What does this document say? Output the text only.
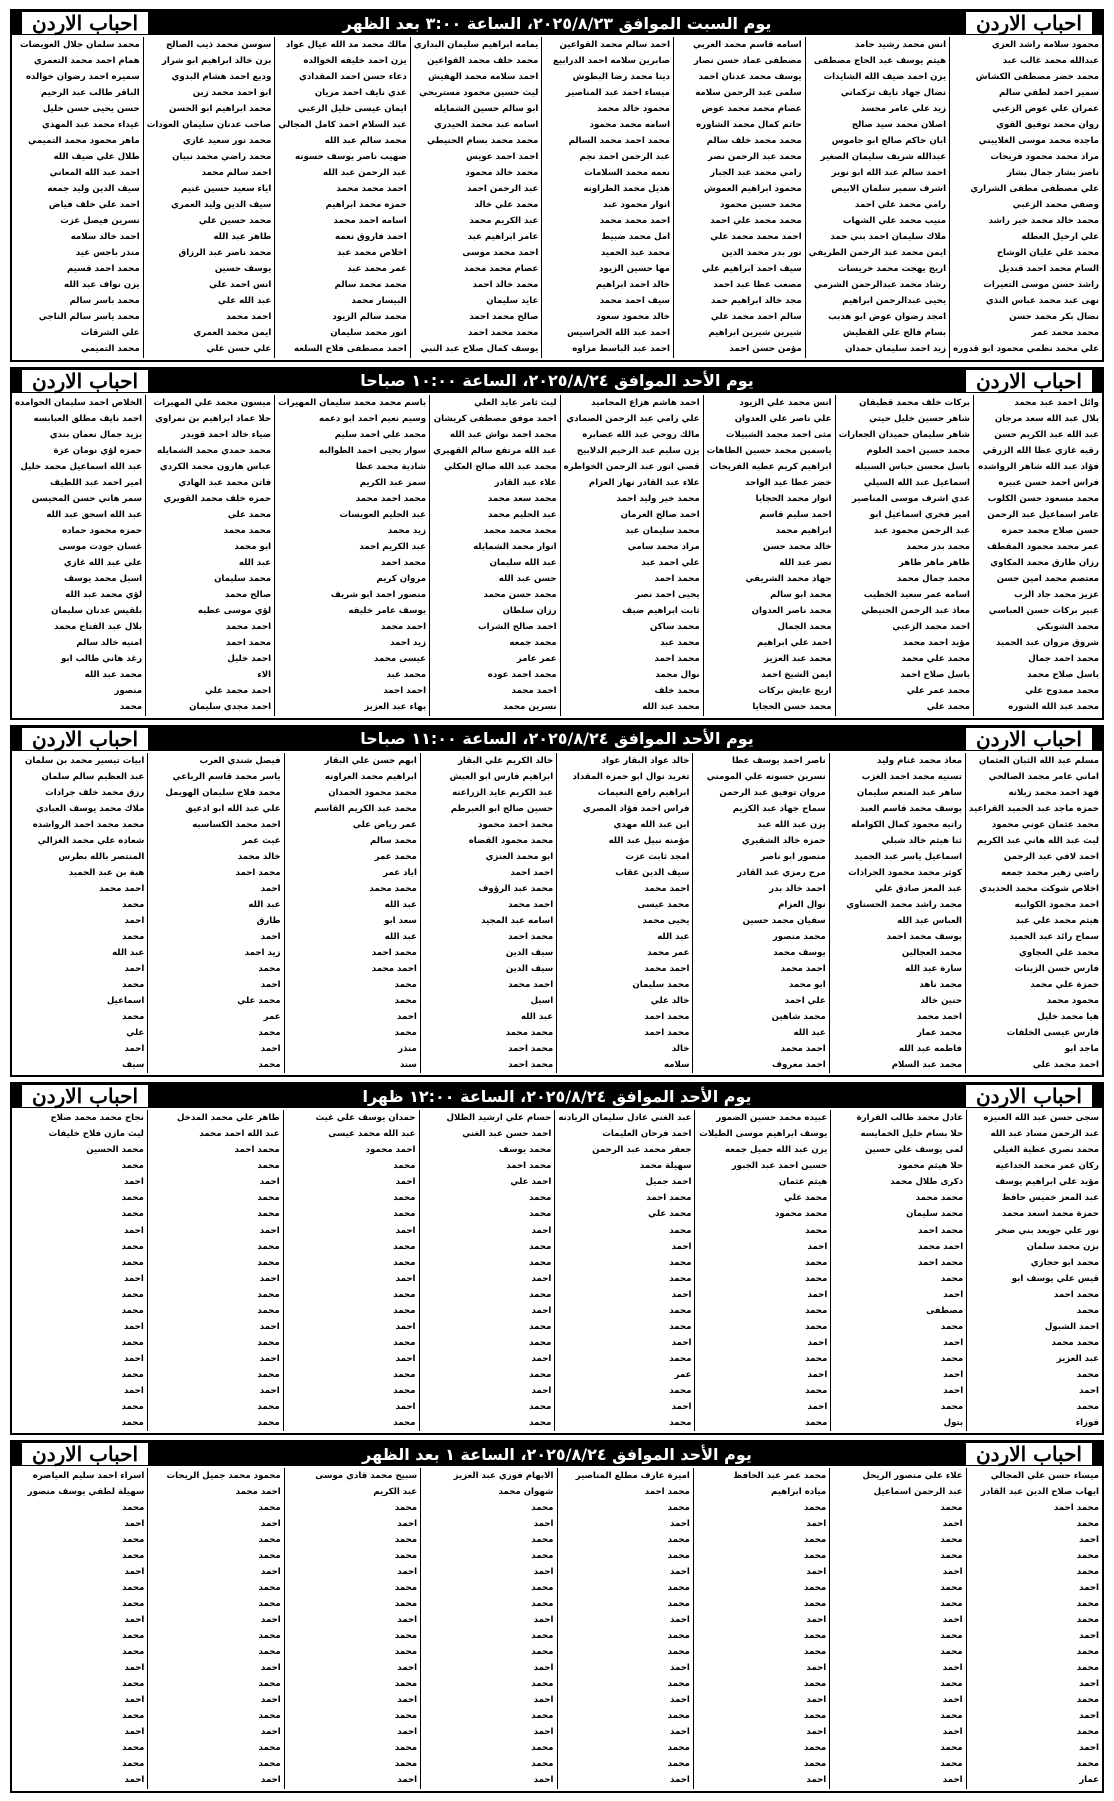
احباب الاردن
يوم السبت الموافق ٢٠٢٥/٨/٢٣، الساعة ٣:٠٠ بعد الظهر
احباب الاردن
محمود سلامه راشد العزي
عبدالله محمد غالب عبد
محمد خضر مصطفى الكشاش
سمير احمد لطفي سالم
عمران علي عوض الزعبي
روان محمد توفيق القوي
ماجده محمد موسى الغلاييني
مراد محمد محمود فريحات
ناصر بشار جمال بشار
علي مصطفى مطفى الشراري
وصفي محمد الزعبي
محمد خالد محمد خير راشد
علي ارحيل العطله
محمد علي عليان الوشاح
السام محمد احمد قنديل
راشد حسن موسى التعيرات
نهى عبد محمد عباس النذي
نضال بكر محمد حسن
محمد محمد عمر
علي محمد نظمي محمود ابو قدوره
انس محمد رشيد حامد
هيثم يوسف عبد الحاج مصطفى
يزن احمد ضيف الله الشايدات
نضال جهاد نايف تركماني
زيد علي عامر محسد
اصلان محمد سيد صالح
ابان حاكم صالح ابو جاموس
عبدالله شريف سليمان الصغير
احمد سالم عبد الله ابو نوير
اشرف سمير سلمان الابيض
رامي محمد علي احمد
منيب محمد علي الشهاب
ملاك سليمان احمد بني حمد
ايمن محمد عبد الرحمن الطريفي
اريج يهجت محمد خريسات
رشاد محمد عبدالرحمن الشرمي
يحيى عبدالرحمن ابراهيم
امجد رضوان عوض ابو هدبب
بسام فالح علي القطيش
زيد احمد سليمان حمدان
اسامه قاسم محمد العربي
مصطفى عماد حسن نصار
يوسف محمد عدنان احمد
سلمى عبد الرحمن سلامه
عصام محمد محمد عوض
حاتم كمال محمد الشاوره
محمد محمد خلف سالم
محمد عبد الرحمن نصر
رامي محمد عبد الجبار
محمود ابراهيم العموش
محمد حسين محمود
محمد محمد علي احمد
احمد محمد محمد علي
نور بدر محمد الدين
سيف احمد ابراهيم علي
مصعب عطا عبد احمد
مجد خالد ابراهيم حمد
سالم احمد محمد علي
شيرين شيرين ابراهيم
مؤمن حسن احمد
احمد سالم محمد القواعين
صابرين سلامه احمد الدرابيع
دينا محمد رضا البطوش
ميساء احمد عبد المناصير
محمود خالد محمد
اسامه محمد محمود
محمد احمد محمد السالم
عبد الرحمن احمد نجم
نعمه محمد السلامات
هديل محمد الطراونه
انوار محمود عبد
احمد محمد محمد
امل محمد ضبيط
محمد عبد الحميد
مها حسين الزيود
خالد احمد ابراهيم
سيف احمد محمد
خالد محمود سعود
احمد عبد الله الحراسيس
احمد عبد الباسط مزاوه
يمامه ابراهيم سليمان البداري
محمد خلف محمد القواعين
احمد سلامه محمد الهفيش
ليث حسين محمود مستريحي
ابو سالم حسين الشمايله
اسامه عبد محمد الحيدري
محمد محمد بسام الحنيطي
احمد احمد عويس
محمد خالد محمود
عبد الرحمن احمد
محمد علي خالد
عبد الكريم محمد
عامر ابراهيم عبد
احمد محمد موسى
عصام محمد محمد
محمد خالد احمد
عايد سليمان
صالح محمد احمد
محمد محمد احمد
يوسف كمال صلاح عبد النبي
مالك محمد مد الله عيال عواد
يزن احمد خليفه الخوالده
دعاء حسن احمد المقدادي
عدي نايف احمد مريان
ايمان عيسى خليل الزعبي
عبد السلام احمد كامل المجالي
محمد سالم عبد الله
صهيب ناصر يوسف حسونه
عبد الرحمن عبد الله
احمد محمد محمد
حمزه محمد ابراهيم
اسامه احمد محمد
احمد فاروق نعمه
اخلاص محمد عبد
عمر محمد عبد
محمد محمد سالم
البيسار محمد
محمد سالم الزيود
انور محمد سليمان
احمد مصطفى فلاح السلعه
سوسن محمد ذيب الصالح
بزن خالد ابراهيم ابو شرار
وديع احمد هشام البدوي
ابو احمد محمد زين
محمد ابراهيم ابو الحسن
صاحب عدنان سليمان العودات
محمد نور سعيد غازي
محمد راضي محمد نبيان
احمد سالم محمد
اياء سعيد حسين غنيم
سيف الدين وليد العمري
محمد حسين علي
طاهر عبد الله
محمد ناصر عبد الرزاق
يوسف حسين
انس احمد علي
عبد الله علي
احمد محمد
ايمن محمد العمري
علي حسن علي
محمد سلمان جلال العويضات
همام احمد محمد التعمري
سميره احمد رضوان خوالده
الباقر طالب عبد الرحيم
حسن يحيى حسن خليل
غيداء محمد عبد المهدي
ماهر محمود محمد التميمي
طلال علي ضيف الله
احمد عبد الله المعاني
سيف الدين وليد جمعه
احمد علي خلف فياض
نسرين فيصل عزت
احمد خالد سلامه
منذر باجس عيد
محمد احمد قسيم
يزن نواف عبد الله
محمد باسر سالم
محمد ياسر سالم الناجي
علي الشرقات
محمد التميمي
احباب الاردن
يوم الأحد الموافق ٢٠٢٥/٨/٢٤، الساعة ١٠:٠٠ صباحا
احباب الاردن
وائل احمد عبد محمد
بلال عبد الله سعد مرجان
عبد الله عبد الكريم حسن
رقيه غازي عطا الله الزرقي
فؤاد عبد الله شاهر الرواشده
فراس احمد حسن عبيره
محمد مسعود حسن الكلوب
عامر اسماعيل عبد الرحمن
حسن صلاح محمد حمزه
عمر محمد محمود المقطف
رزان طارق محمد المكاوي
معتصم محمد امين حسن
عزيز محمد جاد الرب
عبير بركات حسن العباسي
محمد الشوبكي
شروق مروان عبد الحميد
محمد احمد جمال
باسل صلاح محمد
محمد ممدوح علي
محمد عبد الله الشوره
بركات خلف محمد قطيفان
شاهر حسين خليل حيتي
شاهر سليمان حميدان الجعارات
محمد حسين احمد العلوم
باسل محسن حباس السبيله
اسماعيل عبد الله السيلي
عدي اشرف موسى المناصير
امير فخري اسماعيل ابو
عبد الرحمن محمود عبد
محمد بدر محمد
طاهر ماهر طاهر
محمد جمال محمد
اسامه عمر سعيد الخطيب
معاذ عبد الرحمن الحنيطي
احمد محمد الزعبي
مؤيد احمد محمد
محمد علي محمد
باسل صلاح احمد
محمد عمر علي
محمد علي
انس محمد علي الزيود
علي ناصر علي العدوان
مثى احمد محمد الشبيلات
ياسمين محمد حسين الطاهات
ابراهيم كريم عطيه الفريحات
خضر عطا عيد الواحد
انوار محمد الحجايا
احمد سليم قاسم
ابراهيم محمد
خالد محمد حسن
نصر عبد الله
جهاد محمد الشريفي
محمد ابو سالم
محمد ناصر العدوان
محمد الجمال
احمد علي ابراهيم
محمد عبد العزيز
ايمن الشيخ احمد
اريج عايش بركات
محمد حسن الحجايا
احمد هاشم هزاع المحاميد
علي رامي عبد الرحمن الصمادي
مالك روحي عبد الله عصابره
يزن سليم عبد الرحيم الدلابيح
قصي انور عبد الرحمن الخواطره
علاء عبد القادر نهار العزام
محمد خير وليد احمد
احمد صالح العرمان
محمد سليمان عبد
مراد محمد سامي
علي احمد عبد
محمد احمد
يحيى احمد نصر
ثابت ابراهيم ضيف
محمد ساكن
محمد عبد
محمد احمد
نوال محمد
محمد خلف
محمد عبد الله
ليث ثامر عايد العلي
احمد موفق مصطفى كريشان
محمد احمد نواش عبد الله
عبد الله مرتفع سالم القهيري
محمد عبد الله صالح العكلي
علاء عبد القادر
محمد سعد محمد
عبد الحليم محمد
محمد محمد محمد
انوار محمد الشمايله
عبد الله سليمان
حسن عبد الله
محمد حسن محمد
رزان سلطان
احمد صالح الشراب
محمد جمعه
عمر عامر
محمد احمد عوده
احمد محمد
نسرين محمد
باسم محمد محمد سليمان المهيرات
وسيم نعيم احمد ابو دعمه
محمد علي احمد سليم
سوار يحيى احمد الطوالبه
شادية محمد عطا
سمر عبد الكريم
محمد احمد محمد
عبد الحليم العويسات
زيد محمد
عبد الكريم احمد
محمد احمد
مروان كريم
منصور احمد ابو شريف
يوسف عامر خليفه
احمد محمد
زيد احمد
عيسى محمد
محمد عبد
احمد احمد
بهاء عبد العزيز
ميسون محمد علي المهيرات
حلا عماد ابراهيم بن نمراوي
ضياء خالد احمد قويدر
محمد حمدي محمد الشمايله
عباس هارون محمد الكردي
فاتن محمد عبد الهادي
حمزه خلف محمد القويري
محمد علي
محمد محمد
ابو محمد
عبد الله
محمد سليمان
صالح محمد
لؤي موسى عطيه
احمد محمد
محمد احمد
احمد خليل
الاء
احمد محمد علي
احمد مجدي سليمان
الخلاص احمد سليمان الحوامده
احمد نايف مطلق العبابسه
يزيد جمال نعمان بندي
حمزه لؤي نومان عزة
عبد الله اسماعيل محمد خليل
امير احمد عبد اللطيف
سمر هاني حسن المحيسن
عبد الله اسحق عبد الله
حمزه محمود حماده
غسان جودت موسى
علي عبد الله غازي
اسيل محمد يوسف
لؤي محمد عبد الله
بلقيس عدنان سليمان
بلال عبد الفتاح محمد
امنيه خالد سالم
رغد هاني طالب ابو
محمد عبد الله
منصور
محمد
احباب الاردن
يوم الأحد الموافق ٢٠٢٥/٨/٢٤، الساعة ١١:٠٠ صباحا
احباب الاردن
مسلم عبد الله الثبان العثمان
اماني عامر محمد الصالحي
فهد احمد محمد زبلانه
حمزه ماجد عبد الحميد القراعيد
محمد عثمان عوني محمود
ليث عبد الله هاني عبد الكريم
احمد لافي عبد الرحمن
راضي زهير محمد جمعه
اخلاص شوكت محمد الحديدي
احمد محمود الكوابيه
هيثم محمد علي عبد
سماح رائد عبد الحميد
محمد علي العجاوي
فارس حسن الزينات
حمزة علي محمد
محمود محمد
هيا محمد خليل
فارس عيسى الخلفات
ماجد ابو
احمد محمد علي
معاذ محمد غنام وليد
تسنيه محمد احمد الغزب
ساهر عبد المنعم سليمان
يوسف محمد قاسم العبد
راتيه محمود كمال الكوامله
ثنا هيثم خالد شبلي
اسماعيل ياسر عبد الحميد
كوثر محمد محمود الجرادات
عبد المعز صادق علي
محمد راشد محمد الحسناوي
العباس عبد الله
يوسف محمد احمد
محمد العجالين
سارة عبد الله
محمد ناهد
حنين خالد
احمد محمد
محمد عمار
فاطمه عبد الله
محمد عبد السلام
ناصر احمد يوسف عطا
نسرين حسونه علي المومني
مروان توفيق عبد الرحمن
سماح جهاد عبد الكريم
يزن عبد الله عبد
حمزه خالد الشقيري
منصور ابو ناصر
مرح رمزي عبد القادر
احمد خالد بدر
نوال العزام
سفيان محمد حسين
محمد منصور
يوسف محمد
احمد محمد
ابو محمد
علي احمد
محمد شاهين
عبد الله
احمد محمد
احمد معروف
خالد عواد البقار عواد
تغريد نوال ابو حمزه المقداد
ابراهيم رافع النعيمات
فراس احمد فؤاد المصري
ابن عبد الله مهدي
مؤمنه نبيل عبد الله
امجد ثابت عزت
سيف الدين عقاب
احمد محمد
محمد عيسى
يحيى محمد
عبد الله
عمر محمد
احمد محمد
محمد سليمان
خالد علي
محمد احمد
محمد احمد
خالد
سلامه
خالد الكريم علي البقار
ابراهيم فارس ابو العيش
عبد الكريم عايد الزراعنه
حسين صالح ابو العبرطم
محمد احمد محمود
محمد محمود القضاه
ابو محمد العنزي
احمد احمد
محمد عبد الرؤوف
احمد محمد
اسامه عبد المجيد
محمد احمد
سيف الدين
سيف الدين
احمد محمد
اسيل
عبد الله
محمد محمد
محمد احمد
محمد احمد
ابهم حسن علي البقار
ابراهيم محمد العراونه
محمد محمود الحمدان
محمد عبد الكريم القاسم
عمر رياض علي
محمد سالم
محمد عمر
اياد عمر
محمد محمد
عبد الله
سعد ابو
عبد الله
محمد احمد
احمد محمد
محمد
محمد
احمد
محمد
منذر
سند
فيصل شندي العرب
ياسر محمد قاسم الرباعي
محمد فلاح سليمان الهويمل
علي عبد الله ابو ادعيق
احمد محمد الكساسبه
غيث عمر
خالد محمد
محمد احمد
احمد
عبد الله
طارق
احمد
زيد احمد
محمد
احمد
محمد علي
عمر
محمد
احمد
محمد
ابيات تيسير محمد بن سلمان
عبد العظيم سالم سلمان
رزق محمد خلف جرادات
ملاك محمد يوسف العبادي
محمد محمد احمد الرواشده
شعاده علي محمد الغزالي
المنتصر بالله بطرس
هبة بن عبد الحميد
احمد محمد
محمد
احمد
محمد
عبد الله
احمد
محمد
اسماعيل
محمد
علي
احمد
سيف
احباب الاردن
يوم الأحد الموافق ٢٠٢٥/٨/٢٤، الساعة ١٢:٠٠ ظهرا
احباب الاردن
سجى حسن عبد الله العنيزه
عبد الرحمن مساد عبد الله
محمد نصري عطية الغيلي
ركان عمر محمد الجداعيه
مؤيد علي ابراهيم يوسف
عبد المعز خميس حافظ
حمزة محمد اسعد محمد
نور علي جويعد بني صخر
بزن محمد سلمان
محمد ابو حجازي
قيس علي يوسف ابو
محمد احمد
محمد
احمد الشبول
محمد محمد
عبد العزيز
محمد
احمد
محمد
فوزاء
عادل محمد طالب الفرارة
حلا بسام خليل الخمايسه
لمى يوسف علي حسين
حلا هيثم محمود
ذكرى طلال محمد
محمد محمد
محمد سليمان
محمد احمد
احمد محمد
محمد احمد
محمد
احمد
مصطفى
محمد
احمد
محمد
احمد
احمد
محمد
بتول
عبيده محمد حسين الضمور
يوسف ابراهيم موسى الطيلات
يزن عبد الله جميل جمعه
حسين احمد عبد الجبور
هيثم عثمان
محمد علي
محمد محمود
محمد
احمد
محمد
محمد
احمد
محمد
محمد
احمد
محمد
احمد
محمد
احمد
محمد
عبد الغني عادل سليمان الزيادنه
احمد فرحان العليمات
جعفر محمد عبد الرحمن
سهيلة محمد
احمد جميل
محمد احمد
محمد علي
محمد
احمد
محمد
محمد
احمد
محمد
محمد
احمد
محمد
عمر
محمد
احمد
محمد
حسام علي ارشيد الطلال
احمد حسن عبد الغني
محمد يوسف
محمد احمد
احمد علي
محمد
محمد
احمد
محمد
محمد
احمد
محمد
احمد
محمد
محمد
احمد
محمد
احمد
محمد
محمد
حمدان يوسف علي غيث
عبد الله محمد عيسى
احمد محمود
محمد
احمد
محمد
محمد
احمد
محمد
محمد
احمد
محمد
محمد
احمد
محمد
احمد
محمد
محمد
احمد
محمد
طاهر علي محمد المدخل
عبد الله احمد محمد
محمد احمد
محمد
احمد
محمد
محمد
احمد
محمد
محمد
احمد
محمد
محمد
احمد
محمد
احمد
محمد
احمد
محمد
محمد
نجاح محمد محمد صلاح
ليث مازن فلاح خليفات
محمد الحسين
محمد
احمد
محمد
محمد
احمد
محمد
محمد
احمد
محمد
محمد
احمد
محمد
احمد
محمد
احمد
محمد
محمد
احباب الاردن
يوم الأحد الموافق ٢٠٢٥/٨/٢٤، الساعة ١ بعد الظهر
احباب الاردن
ميساء حسن علي المجالي
ايهاب صلاح الدين عبد القادر
محمد احمد
محمد
احمد
محمد
محمد
احمد
محمد
محمد
احمد
محمد
محمد
احمد
محمد
احمد
محمد
احمد
محمد
عمار
علاء علي منصور الريحل
عبد الرحمن اسماعيل
محمد
احمد
محمد
محمد
احمد
محمد
محمد
احمد
محمد
محمد
احمد
محمد
احمد
محمد
احمد
محمد
محمد
احمد
محمد عمر عبد الحافظ
مياده ابراهيم
محمد
احمد
محمد
محمد
احمد
محمد
محمد
احمد
محمد
محمد
احمد
محمد
احمد
محمد
احمد
محمد
محمد
احمد
اميرة عارف مطلع المناصير
محمد احمد
محمد
احمد
محمد
محمد
احمد
محمد
محمد
احمد
محمد
محمد
احمد
محمد
احمد
محمد
احمد
محمد
محمد
احمد
الابهام فوزي عبد العزيز
شهوان محمد
محمد
احمد
محمد
محمد
احمد
محمد
محمد
احمد
محمد
محمد
احمد
محمد
احمد
محمد
احمد
محمد
محمد
احمد
سبيح محمد قادي موسى
عبد الكريم
محمد
احمد
محمد
محمد
احمد
محمد
محمد
احمد
محمد
محمد
احمد
محمد
احمد
محمد
احمد
محمد
محمد
احمد
محمود محمد جميل الريحات
احمد محمد
محمد
احمد
محمد
محمد
احمد
محمد
محمد
احمد
محمد
محمد
احمد
محمد
احمد
محمد
احمد
محمد
محمد
احمد
اسراء احمد سليم العياصره
سهيلة لطفي يوسف منصور
محمد
احمد
محمد
محمد
احمد
محمد
محمد
احمد
محمد
محمد
احمد
محمد
احمد
محمد
احمد
محمد
محمد
احمد
